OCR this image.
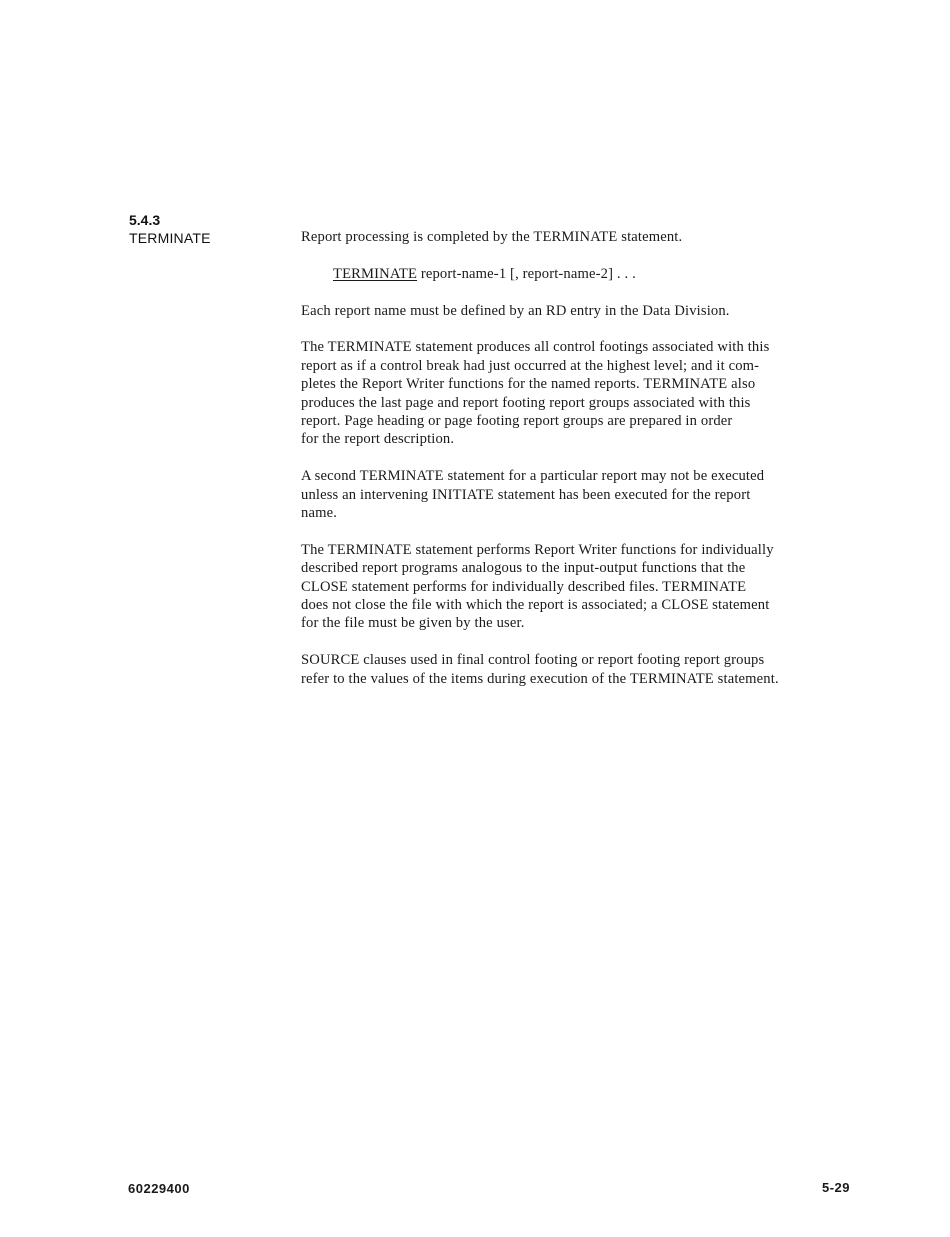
5.4.3
TERMINATE	Report processing is completed by the TERMINATE statement.

TERMINATE report-name-1 [, report-name-2] . . .

Each report name must be defined by an RD entry in the Data Division.

The TERMINATE statement produces all control footings associated with this
report as if a control break had just occurred at the highest level; and it com-
pletes the Report Writer functions for the named reports. TERMINATE also
produces the last page and report footing report groups associated with this
report. Page heading or page footing report groups are prepared in order
for the report description.

A second TERMINATE statement for a particular report may not be executed
unless an intervening INITIATE statement has been executed for the report
name.

The TERMINATE statement performs Report Writer functions for individually
described report programs analogous to the input-output functions that the
CLOSE statement performs for individually described files. TERMINATE
does not close the file with which the report is associated; a CLOSE statement
for the file must be given by the user.

SOURCE clauses used in final control footing or report footing report groups
refer to the values of the items during execution of the TERMINATE statement.

60229400	5-29
